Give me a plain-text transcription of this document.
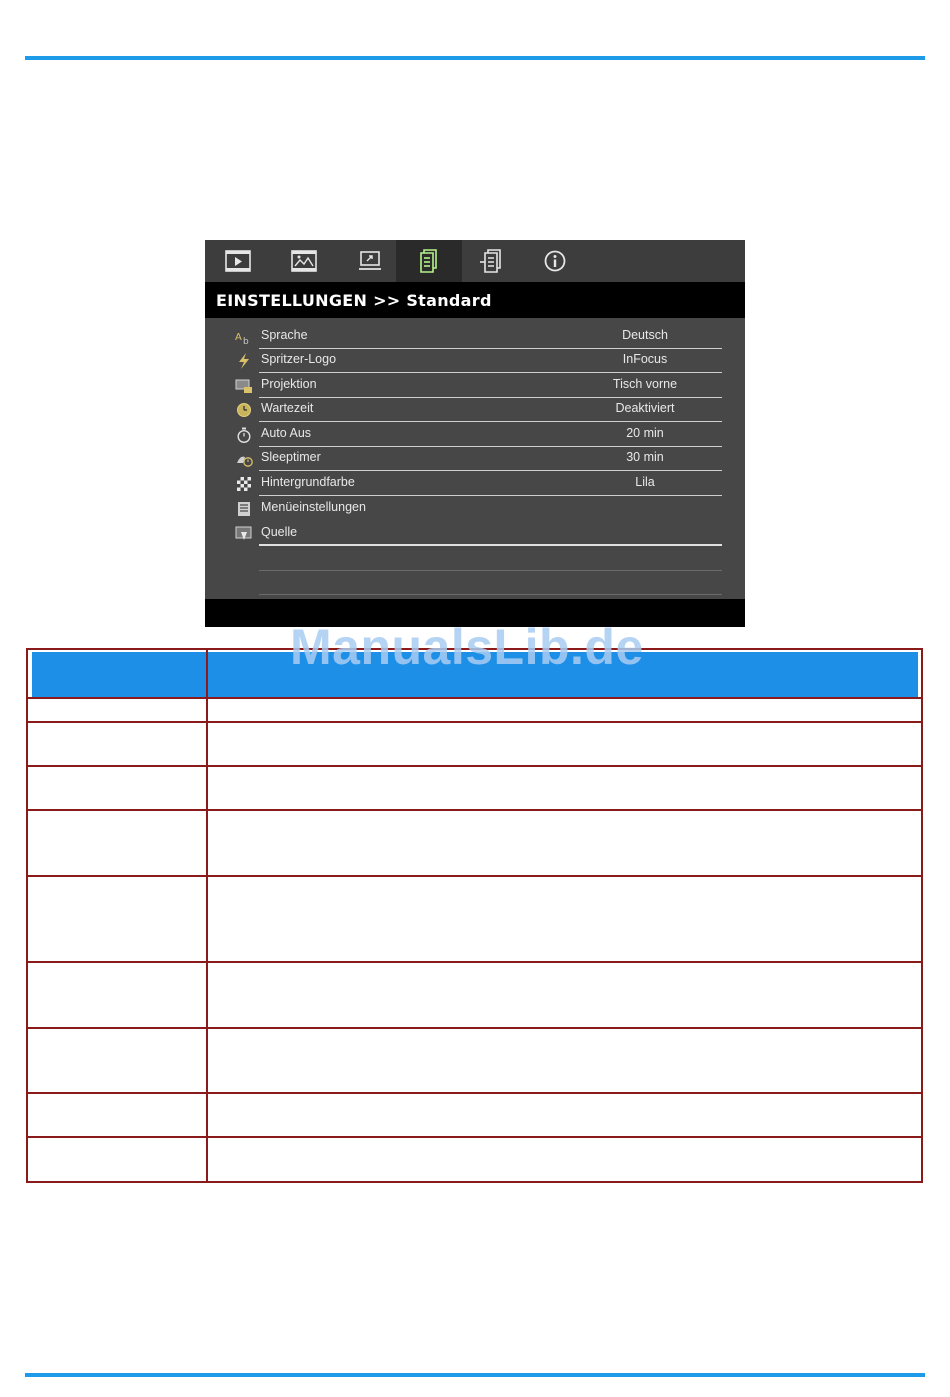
EINSTELLUNGEN >> Standard
A b Sprache	Deutsch
Spritzer-Logo	InFocus
Projektion	Tisch vorne
Wartezeit	Deaktiviert
Auto Aus	20 min
Sleeptimer	30 min
Hintergrundfarbe	Lila
Menüeinstellungen
Quelle
ManualsLib.de
